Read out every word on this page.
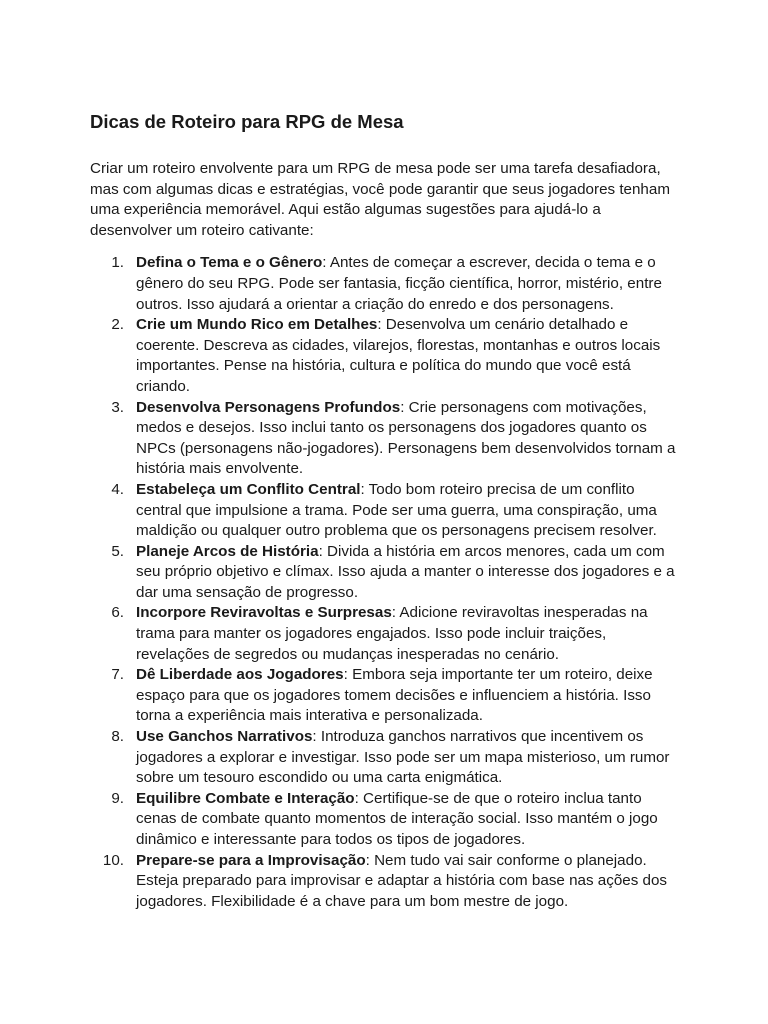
Dicas de Roteiro para RPG de Mesa

Criar um roteiro envolvente para um RPG de mesa pode ser uma tarefa desafiadora, mas com algumas dicas e estratégias, você pode garantir que seus jogadores tenham uma experiência memorável. Aqui estão algumas sugestões para ajudá-lo a desenvolver um roteiro cativante:

1. Defina o Tema e o Gênero: Antes de começar a escrever, decida o tema e o gênero do seu RPG. Pode ser fantasia, ficção científica, horror, mistério, entre outros. Isso ajudará a orientar a criação do enredo e dos personagens.
2. Crie um Mundo Rico em Detalhes: Desenvolva um cenário detalhado e coerente. Descreva as cidades, vilarejos, florestas, montanhas e outros locais importantes. Pense na história, cultura e política do mundo que você está criando.
3. Desenvolva Personagens Profundos: Crie personagens com motivações, medos e desejos. Isso inclui tanto os personagens dos jogadores quanto os NPCs (personagens não-jogadores). Personagens bem desenvolvidos tornam a história mais envolvente.
4. Estabeleça um Conflito Central: Todo bom roteiro precisa de um conflito central que impulsione a trama. Pode ser uma guerra, uma conspiração, uma maldição ou qualquer outro problema que os personagens precisem resolver.
5. Planeje Arcos de História: Divida a história em arcos menores, cada um com seu próprio objetivo e clímax. Isso ajuda a manter o interesse dos jogadores e a dar uma sensação de progresso.
6. Incorpore Reviravoltas e Surpresas: Adicione reviravoltas inesperadas na trama para manter os jogadores engajados. Isso pode incluir traições, revelações de segredos ou mudanças inesperadas no cenário.
7. Dê Liberdade aos Jogadores: Embora seja importante ter um roteiro, deixe espaço para que os jogadores tomem decisões e influenciem a história. Isso torna a experiência mais interativa e personalizada.
8. Use Ganchos Narrativos: Introduza ganchos narrativos que incentivem os jogadores a explorar e investigar. Isso pode ser um mapa misterioso, um rumor sobre um tesouro escondido ou uma carta enigmática.
9. Equilibre Combate e Interação: Certifique-se de que o roteiro inclua tanto cenas de combate quanto momentos de interação social. Isso mantém o jogo dinâmico e interessante para todos os tipos de jogadores.
10. Prepare-se para a Improvisação: Nem tudo vai sair conforme o planejado. Esteja preparado para improvisar e adaptar a história com base nas ações dos jogadores. Flexibilidade é a chave para um bom mestre de jogo.
